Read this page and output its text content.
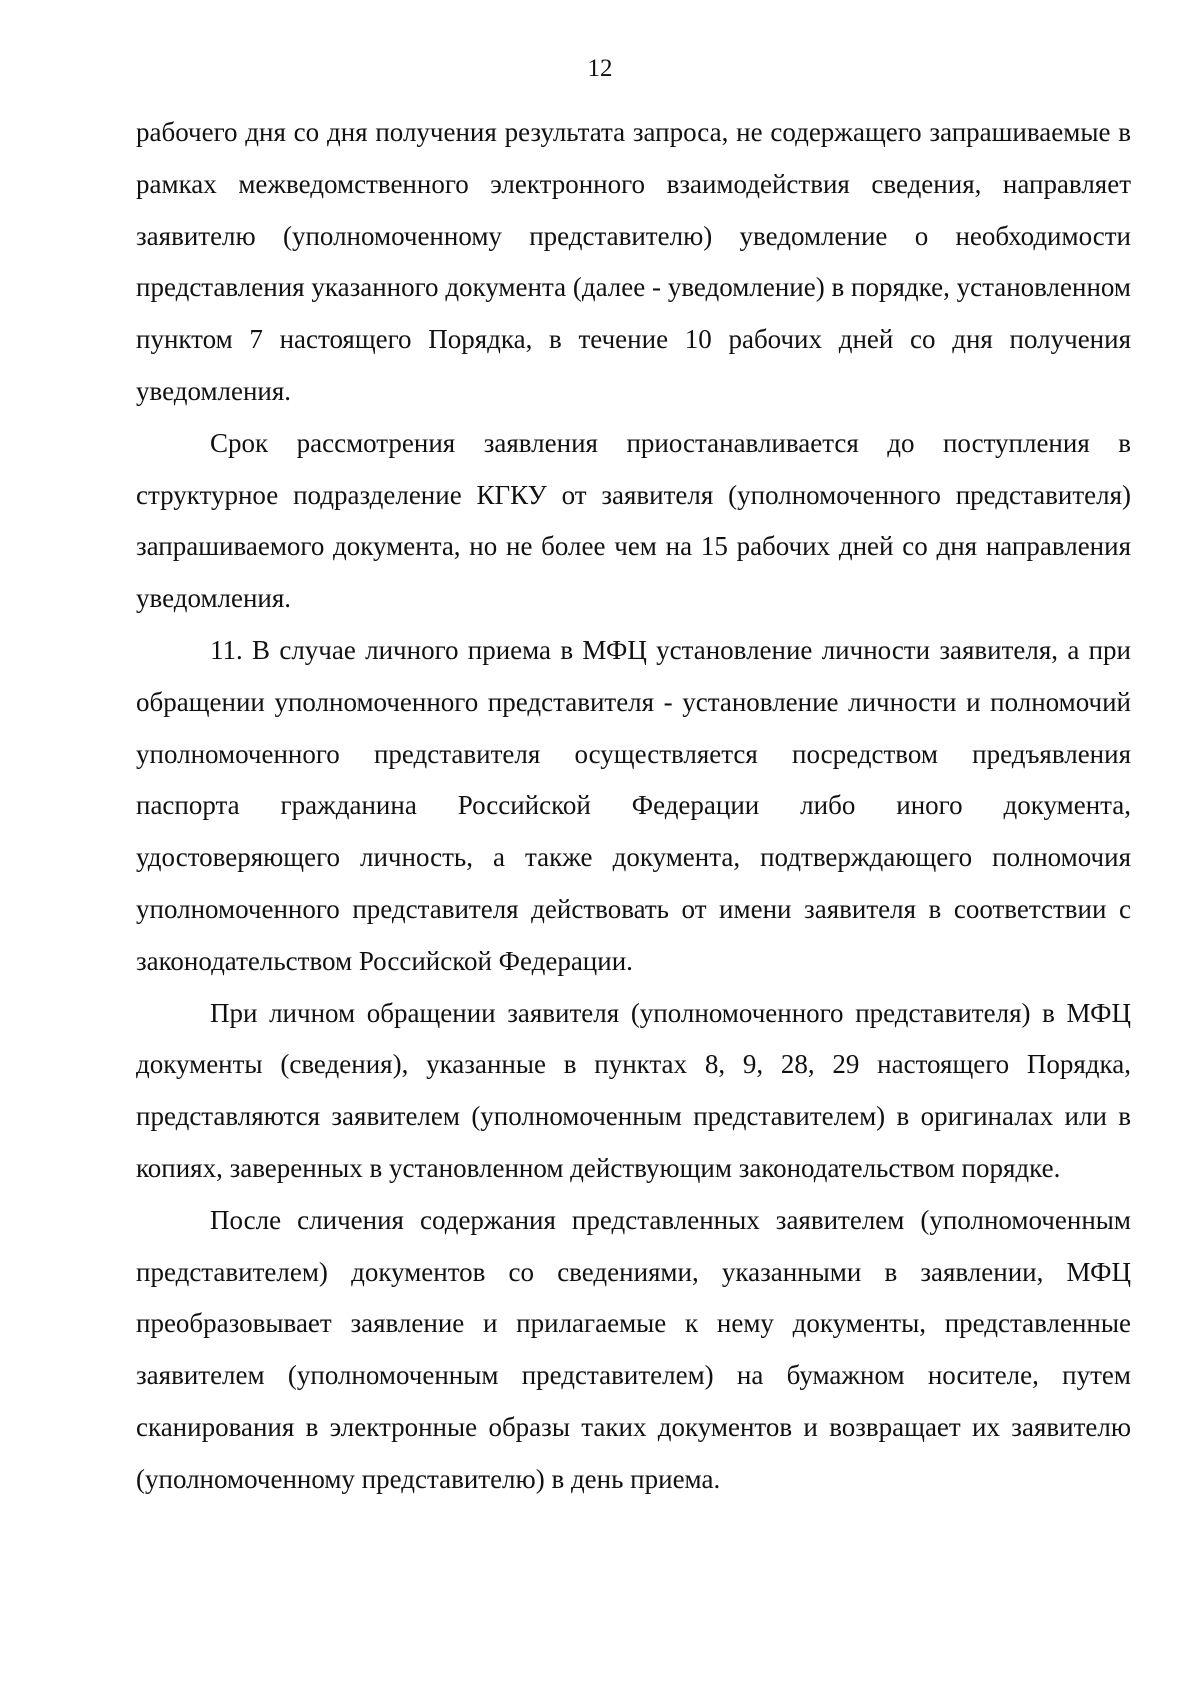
12

рабочего дня со дня получения результата запроса, не содержащего запрашиваемые в рамках межведомственного электронного взаимодействия сведения, направляет заявителю (уполномоченному представителю) уведомление о необходимости представления указанного документа (далее - уведомление) в порядке, установленном пунктом 7 настоящего Порядка, в течение 10 рабочих дней со дня получения уведомления.

Срок рассмотрения заявления приостанавливается до поступления в структурное подразделение КГКУ от заявителя (уполномоченного представителя) запрашиваемого документа, но не более чем на 15 рабочих дней со дня направления уведомления.

11. В случае личного приема в МФЦ установление личности заявителя, а при обращении уполномоченного представителя - установление личности и полномочий уполномоченного представителя осуществляется посредством предъявления паспорта гражданина Российской Федерации либо иного документа, удостоверяющего личность, а также документа, подтверждающего полномочия уполномоченного представителя действовать от имени заявителя в соответствии с законодательством Российской Федерации.

При личном обращении заявителя (уполномоченного представителя) в МФЦ документы (сведения), указанные в пунктах 8, 9, 28, 29 настоящего Порядка, представляются заявителем (уполномоченным представителем) в оригиналах или в копиях, заверенных в установленном действующим законодательством порядке.

После сличения содержания представленных заявителем (уполномоченным представителем) документов со сведениями, указанными в заявлении, МФЦ преобразовывает заявление и прилагаемые к нему документы, представленные заявителем (уполномоченным представителем) на бумажном носителе, путем сканирования в электронные образы таких документов и возвращает их заявителю (уполномоченному представителю) в день приема.
